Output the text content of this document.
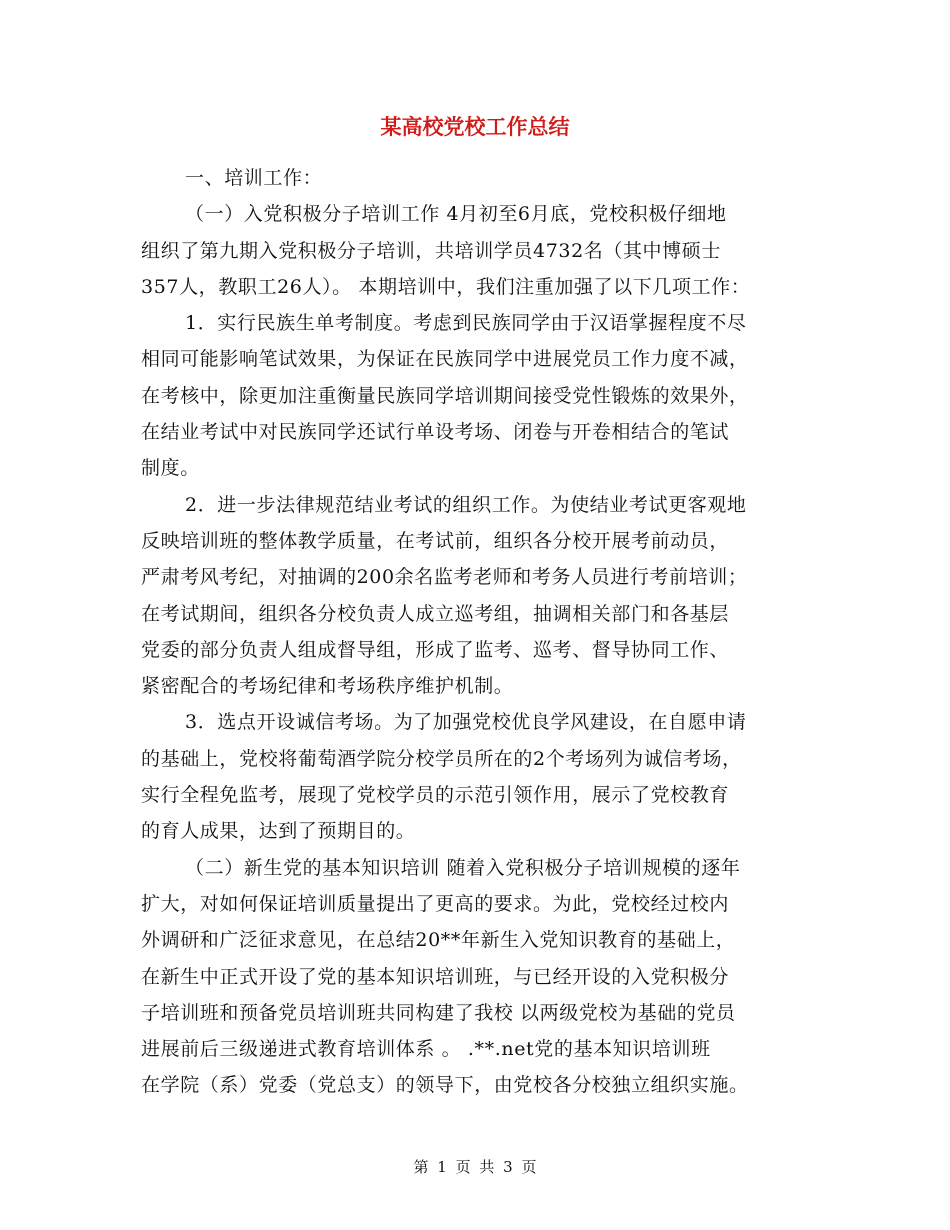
某高校党校工作总结
一、培训工作：
（一）入党积极分子培训工作 4月初至6月底，党校积极仔细地
组织了第九期入党积极分子培训，共培训学员4732名（其中博硕士
357人，教职工26人）。 本期培训中，我们注重加强了以下几项工作：
1．实行民族生单考制度。考虑到民族同学由于汉语掌握程度不尽
相同可能影响笔试效果，为保证在民族同学中进展党员工作力度不减，
在考核中，除更加注重衡量民族同学培训期间接受党性锻炼的效果外，
在结业考试中对民族同学还试行单设考场、闭卷与开卷相结合的笔试
制度。
2．进一步法律规范结业考试的组织工作。为使结业考试更客观地
反映培训班的整体教学质量，在考试前，组织各分校开展考前动员，
严肃考风考纪，对抽调的200余名监考老师和考务人员进行考前培训；
在考试期间，组织各分校负责人成立巡考组，抽调相关部门和各基层
党委的部分负责人组成督导组，形成了监考、巡考、督导协同工作、
紧密配合的考场纪律和考场秩序维护机制。
3．选点开设诚信考场。为了加强党校优良学风建设，在自愿申请
的基础上，党校将葡萄酒学院分校学员所在的2个考场列为诚信考场，
实行全程免监考，展现了党校学员的示范引领作用，展示了党校教育
的育人成果，达到了预期目的。
（二）新生党的基本知识培训 随着入党积极分子培训规模的逐年
扩大，对如何保证培训质量提出了更高的要求。为此，党校经过校内
外调研和广泛征求意见，在总结20**年新生入党知识教育的基础上，
在新生中正式开设了党的基本知识培训班，与已经开设的入党积极分
子培训班和预备党员培训班共同构建了我校 以两级党校为基础的党员
进展前后三级递进式教育培训体系 。 .**.net党的基本知识培训班
在学院（系）党委（党总支）的领导下，由党校各分校独立组织实施。
第 1 页 共 3 页
